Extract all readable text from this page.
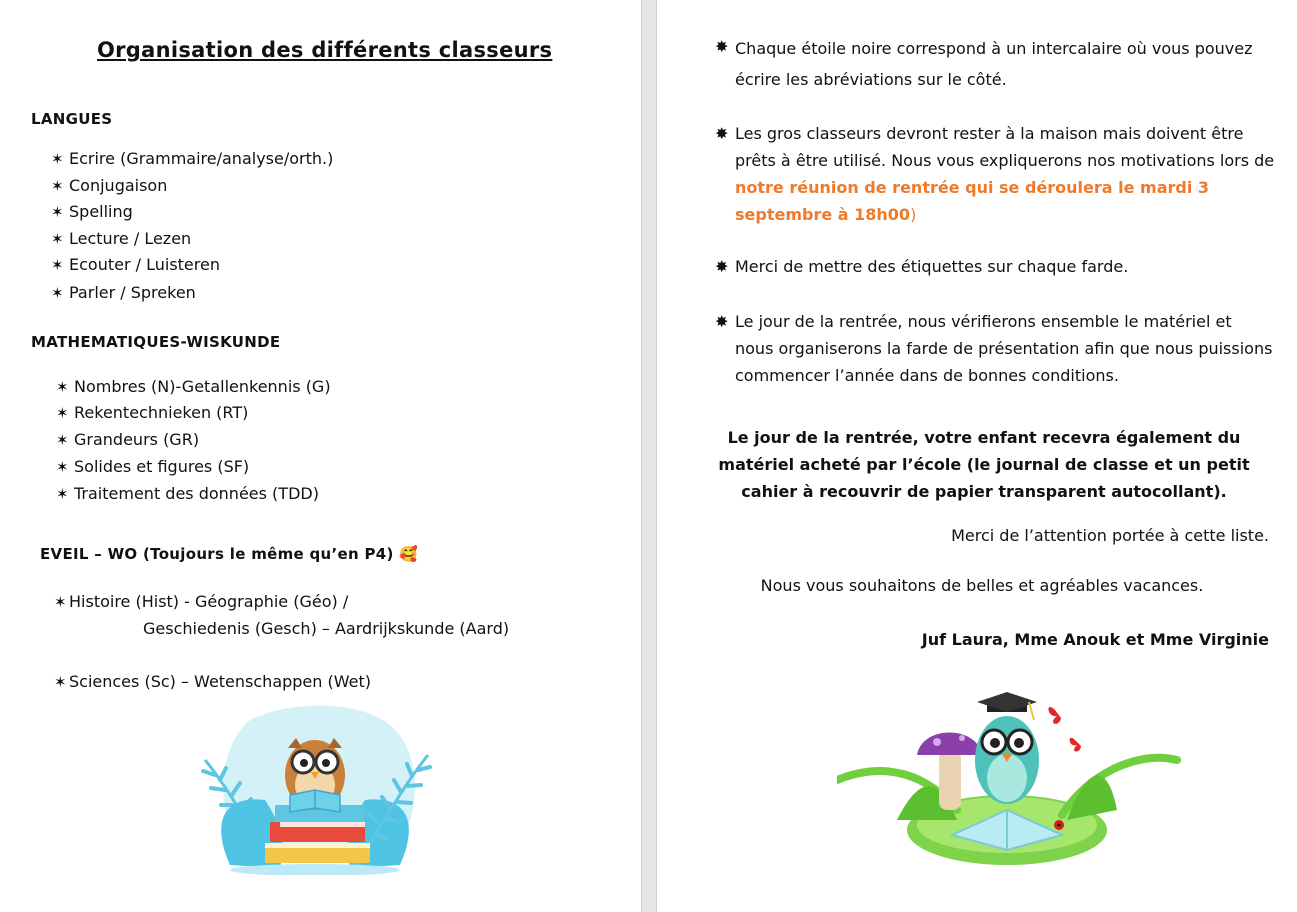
Organisation des différents classeurs
LANGUES
✶ Ecrire (Grammaire/analyse/orth.)
✶ Conjugaison
✶ Spelling
✶ Lecture / Lezen
✶ Ecouter / Luisteren
✶ Parler / Spreken
MATHEMATIQUES-WISKUNDE
✶ Nombres (N)-Getallenkennis (G)
✶ Rekentechnieken (RT)
✶ Grandeurs (GR)
✶ Solides et figures (SF)
✶ Traitement des données (TDD)
EVEIL – WO (Toujours le même qu’en P4) 🥰
✶ Histoire (Hist) - Géographie (Géo) /
Geschiedenis (Gesch) – Aardrijkskunde (Aard)
✶ Sciences (Sc) – Wetenschappen (Wet)
✸ Chaque étoile noire correspond à un intercalaire où vous pouvez écrire les abréviations sur le côté.
✸ Les gros classeurs devront rester à la maison mais doivent être prêts à être utilisé. Nous vous expliquerons nos motivations lors de notre réunion de rentrée qui se déroulera le mardi 3 septembre à 18h00)
✸ Merci de mettre des étiquettes sur chaque farde.
✸ Le jour de la rentrée, nous vérifierons ensemble le matériel et nous organiserons la farde de présentation afin que nous puissions commencer l’année dans de bonnes conditions.
Le jour de la rentrée, votre enfant recevra également du matériel acheté par l’école (le journal de classe et un petit cahier à recouvrir de papier transparent autocollant).
Merci de l’attention portée à cette liste.
Nous vous souhaitons de belles et agréables vacances.
Juf Laura, Mme Anouk et Mme Virginie
